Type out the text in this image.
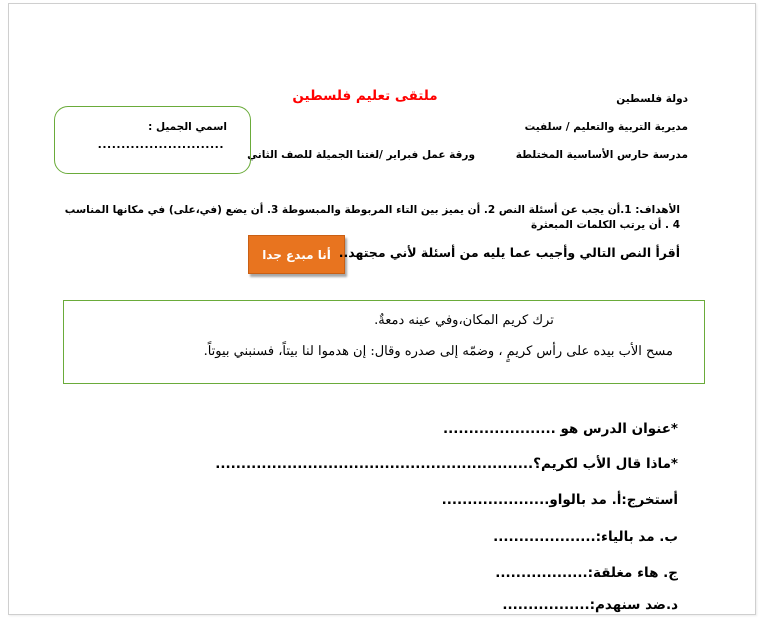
ملتقى تعليم فلسطين	دولة فلسطين
مديرية التربية والتعليم / سلفيت
مدرسة حارس الأساسية المختلطة
ورقة عمل فبراير /لغتنا الجميلة للصف الثاني
اسمي الجميل :
...........................
الأهداف: 1.أن يجب عن أسئلة النص 2. أن يميز بين التاء المربوطة والمبسوطة 3. أن يضع (في،على) في مكانها المناسب
4 . أن يرتب الكلمات المبعثرة
أنا مبدع جدا أقرأ النص التالي وأجيب عما يليه من أسئلة لأني مجتهد..
ترك كريم المكان،وفي عينه دمعةٌ.
مسح الأب بيده على رأس كريمٍ ، وضمّه إلى صدره وقال: إن هدموا لنا بيتاً، فسنبني بيوتاً.
*عنوان الدرس هو ......................
*ماذا قال الأب لكريم؟..............................................................
أستخرج:أ. مد بالواو.....................
ب. مد بالياء:....................
ج. هاء مغلقة:..................
د.ضد سنهدم:.................
